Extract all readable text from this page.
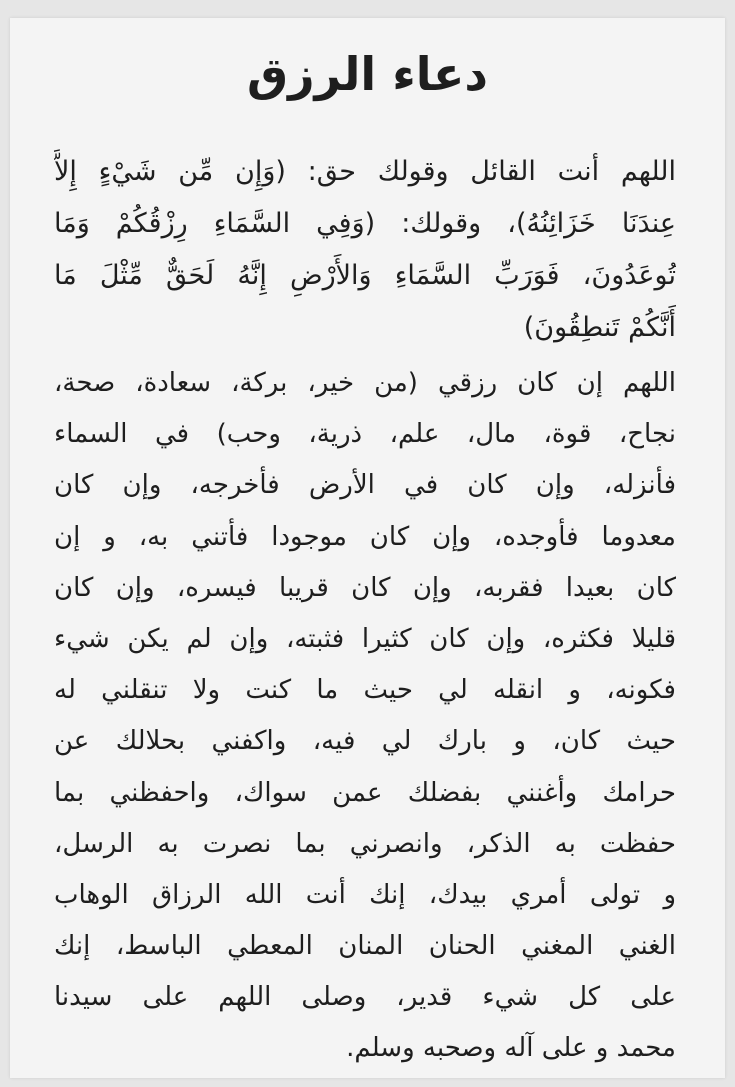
دعاء الرزق

اللهم أنت القائل وقولك حق: (وَإِن مِّن شَيْءٍ إِلاَّ
عِندَنَا خَزَائِنُهُ)، وقولك: (وَفِي السَّمَاءِ رِزْقُكُمْ وَمَا
تُوعَدُونَ، فَوَرَبِّ السَّمَاءِ وَالأَرْضِ إِنَّهُ لَحَقٌّ مِّثْلَ مَا
أَنَّكُمْ تَنطِقُونَ)

اللهم إن كان رزقي (من خير، بركة، سعادة، صحة،
نجاح، قوة، مال، علم، ذرية، وحب) في السماء
فأنزله، وإن كان في الأرض فأخرجه، وإن كان
معدوما فأوجده، وإن كان موجودا فأتني به، و إن
كان بعيدا فقربه، وإن كان قريبا فيسره، وإن كان
قليلا فكثره، وإن كان كثيرا فثبته، وإن لم يكن شيء
فكونه، و انقله لي حيث ما كنت ولا تنقلني له
حيث كان، و بارك لي فيه، واكفني بحلالك عن
حرامك وأغنني بفضلك عمن سواك، واحفظني بما
حفظت به الذكر، وانصرني بما نصرت به الرسل،
و تولى أمري بيدك، إنك أنت الله الرزاق الوهاب
الغني المغني الحنان المنان المعطي الباسط، إنك
على كل شيء قدير، وصلى اللهم على سيدنا
محمد و على آله وصحبه وسلم.
